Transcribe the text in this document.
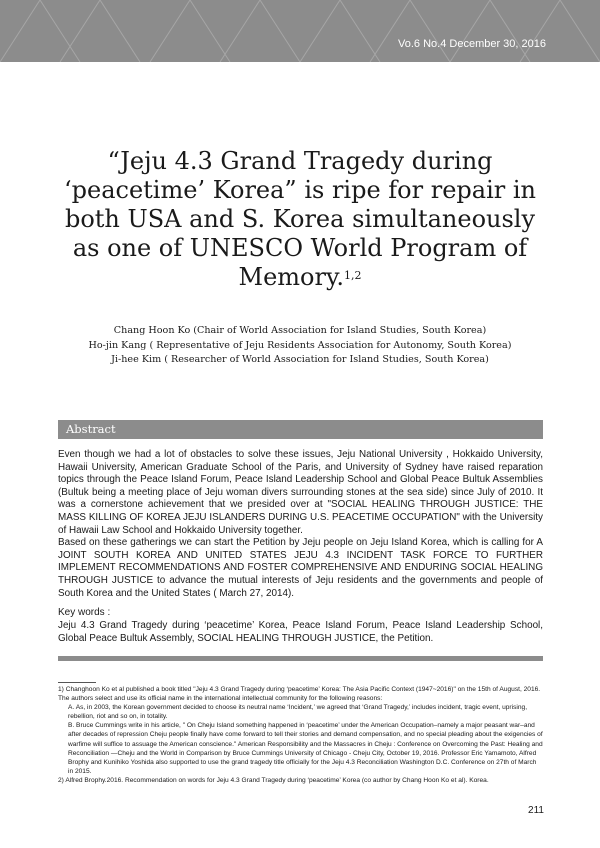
Vo.6 No.4 December 30, 2016
“Jeju 4.3 Grand Tragedy during
‘peacetime’ Korea” is ripe for repair in
both USA and S. Korea simultaneously
as one of UNESCO World Program of
Memory.$^{1,2}$
Chang Hoon Ko (Chair of World Association for Island Studies, South Korea)
Ho-jin Kang ( Representative of Jeju Residents Association for Autonomy, South Korea)
Ji-hee Kim ( Researcher of World Association for Island Studies, South Korea)
Abstract

Even though we had a lot of obstacles to solve these issues, Jeju National University , Hokkaido University, Hawaii University, American Graduate School of the Paris, and University of Sydney have raised reparation topics through the Peace Island Forum, Peace Island Leadership School and Global Peace Bultuk Assemblies (Bultuk being a meeting place of Jeju woman divers surrounding stones at the sea side) since July of 2010. It was a cornerstone achievement that we presided over at "SOCIAL HEALING THROUGH JUSTICE: THE MASS KILLING OF KOREA JEJU ISLANDERS DURING U.S. PEACETIME OCCUPATION" with the University of Hawaii Law School and Hokkaido University together.

Based on these gatherings we can start the Petition by Jeju people on Jeju Island Korea, which is calling for A JOINT SOUTH KOREA AND UNITED STATES JEJU 4.3 INCIDENT TASK FORCE TO FURTHER IMPLEMENT RECOMMENDATIONS AND FOSTER COMPREHENSIVE AND ENDURING SOCIAL HEALING THROUGH JUSTICE to advance the mutual interests of Jeju residents and the governments and people of South Korea and the United States ( March 27, 2014).

Key words :
Jeju 4.3 Grand Tragedy during ‘peacetime’ Korea, Peace Island Forum, Peace Island Leadership School, Global Peace Bultuk Assembly, SOCIAL HEALING THROUGH JUSTICE, the Petition.
1) Changhoon Ko et al published a book titled "Jeju 4.3 Grand Tragedy during ‘peacetime’ Korea: The Asia Pacific Context (1947~2016)" on the 15th of August, 2016. The authors select and use its official name in the international intellectual community for the following reasons:
A. As, in 2003, the Korean government decided to choose its neutral name ‘Incident,’ we agreed that ‘Grand Tragedy,’ includes incident, tragic event, uprising, rebellion, riot and so on, in totality.
B. Bruce Cummings write in his article, " On Cheju Island something happened in ‘peacetime’ under the American Occupation–namely a major peasant war–and after decades of repression Cheju people finally have come forward to tell their stories and demand compensation, and no special pleading about the exigencies of warfime will suffice to assuage the American conscience." American Responsibility and the Massacres in Cheju : Conference on Overcoming the Past: Healing and Reconciliation —Cheju and the World in Comparison by Bruce Cummings University of Chicago - Cheju City, October 19, 2016. Professor Eric Yamamoto, Alfred Brophy and Kunihiko Yoshida also supported to use the grand tragedy title officially for the Jeju 4.3 Reconciliation Washington D.C. Conference on 27th of March in 2015.
2) Alfred Brophy.2016. Recommendation on words for Jeju 4.3 Grand Tragedy during ‘peacetime’ Korea (co author by Chang Hoon Ko et al). Korea.
211
